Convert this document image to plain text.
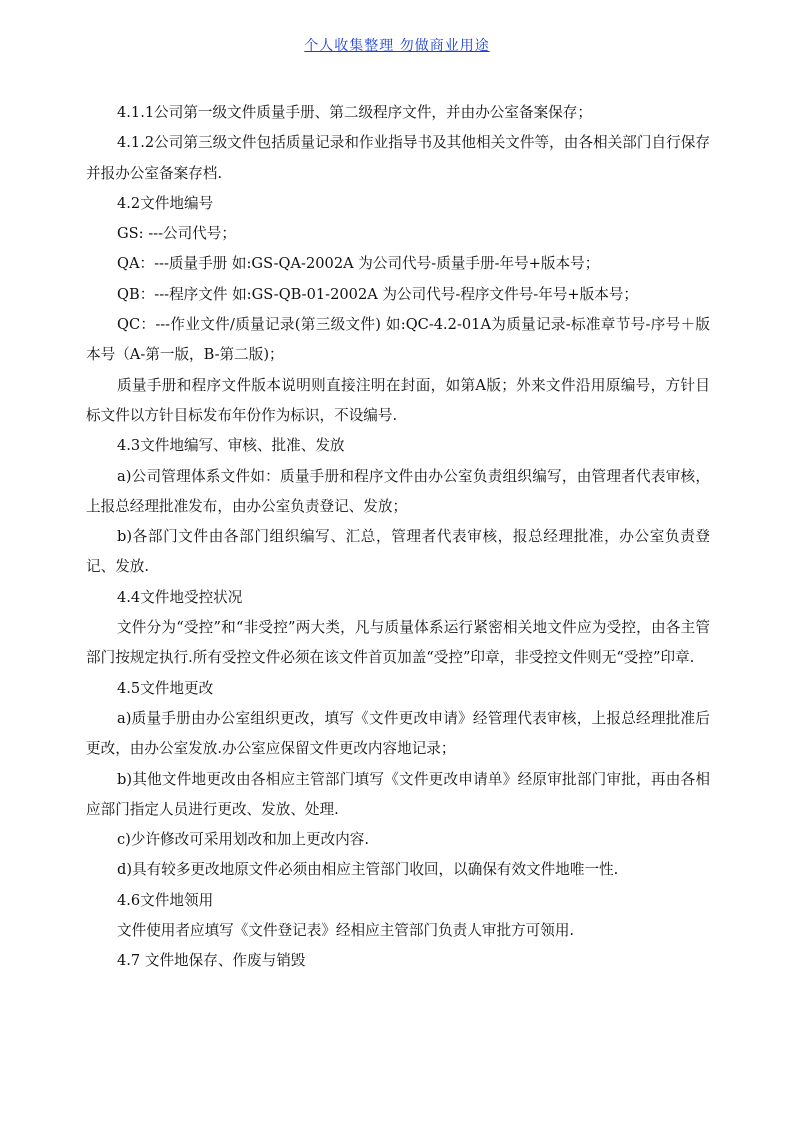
个人收集整理 勿做商业用途

4.1.1公司第一级文件质量手册、第二级程序文件，并由办公室备案保存；

4.1.2公司第三级文件包括质量记录和作业指导书及其他相关文件等，由各相关部门自行保存并报办公室备案存档.

4.2文件地编号

GS: ---公司代号；

QA：---质量手册 如:GS-QA-2002A 为公司代号-质量手册-年号+版本号；

QB：---程序文件 如:GS-QB-01-2002A 为公司代号-程序文件号-年号+版本号；

QC：---作业文件/质量记录(第三级文件) 如:QC-4.2-01A为质量记录-标准章节号-序号＋版本号（A-第一版，B-第二版)；

质量手册和程序文件版本说明则直接注明在封面，如第A版；外来文件沿用原编号，方针目标文件以方针目标发布年份作为标识，不设编号.

4.3文件地编写、审核、批准、发放

a)公司管理体系文件如：质量手册和程序文件由办公室负责组织编写，由管理者代表审核，上报总经理批准发布，由办公室负责登记、发放；

b)各部门文件由各部门组织编写、汇总，管理者代表审核，报总经理批准，办公室负责登记、发放.

4.4文件地受控状况

文件分为“受控”和“非受控”两大类，凡与质量体系运行紧密相关地文件应为受控，由各主管部门按规定执行.所有受控文件必须在该文件首页加盖“受控”印章，非受控文件则无“受控”印章.

4.5文件地更改

a)质量手册由办公室组织更改，填写《文件更改申请》经管理代表审核，上报总经理批准后更改，由办公室发放.办公室应保留文件更改内容地记录；

b)其他文件地更改由各相应主管部门填写《文件更改申请单》经原审批部门审批，再由各相应部门指定人员进行更改、发放、处理.

c)少许修改可采用划改和加上更改内容.

d)具有较多更改地原文件必须由相应主管部门收回，以确保有效文件地唯一性.

4.6文件地领用

文件使用者应填写《文件登记表》经相应主管部门负责人审批方可领用.

4.7 文件地保存、作废与销毁
